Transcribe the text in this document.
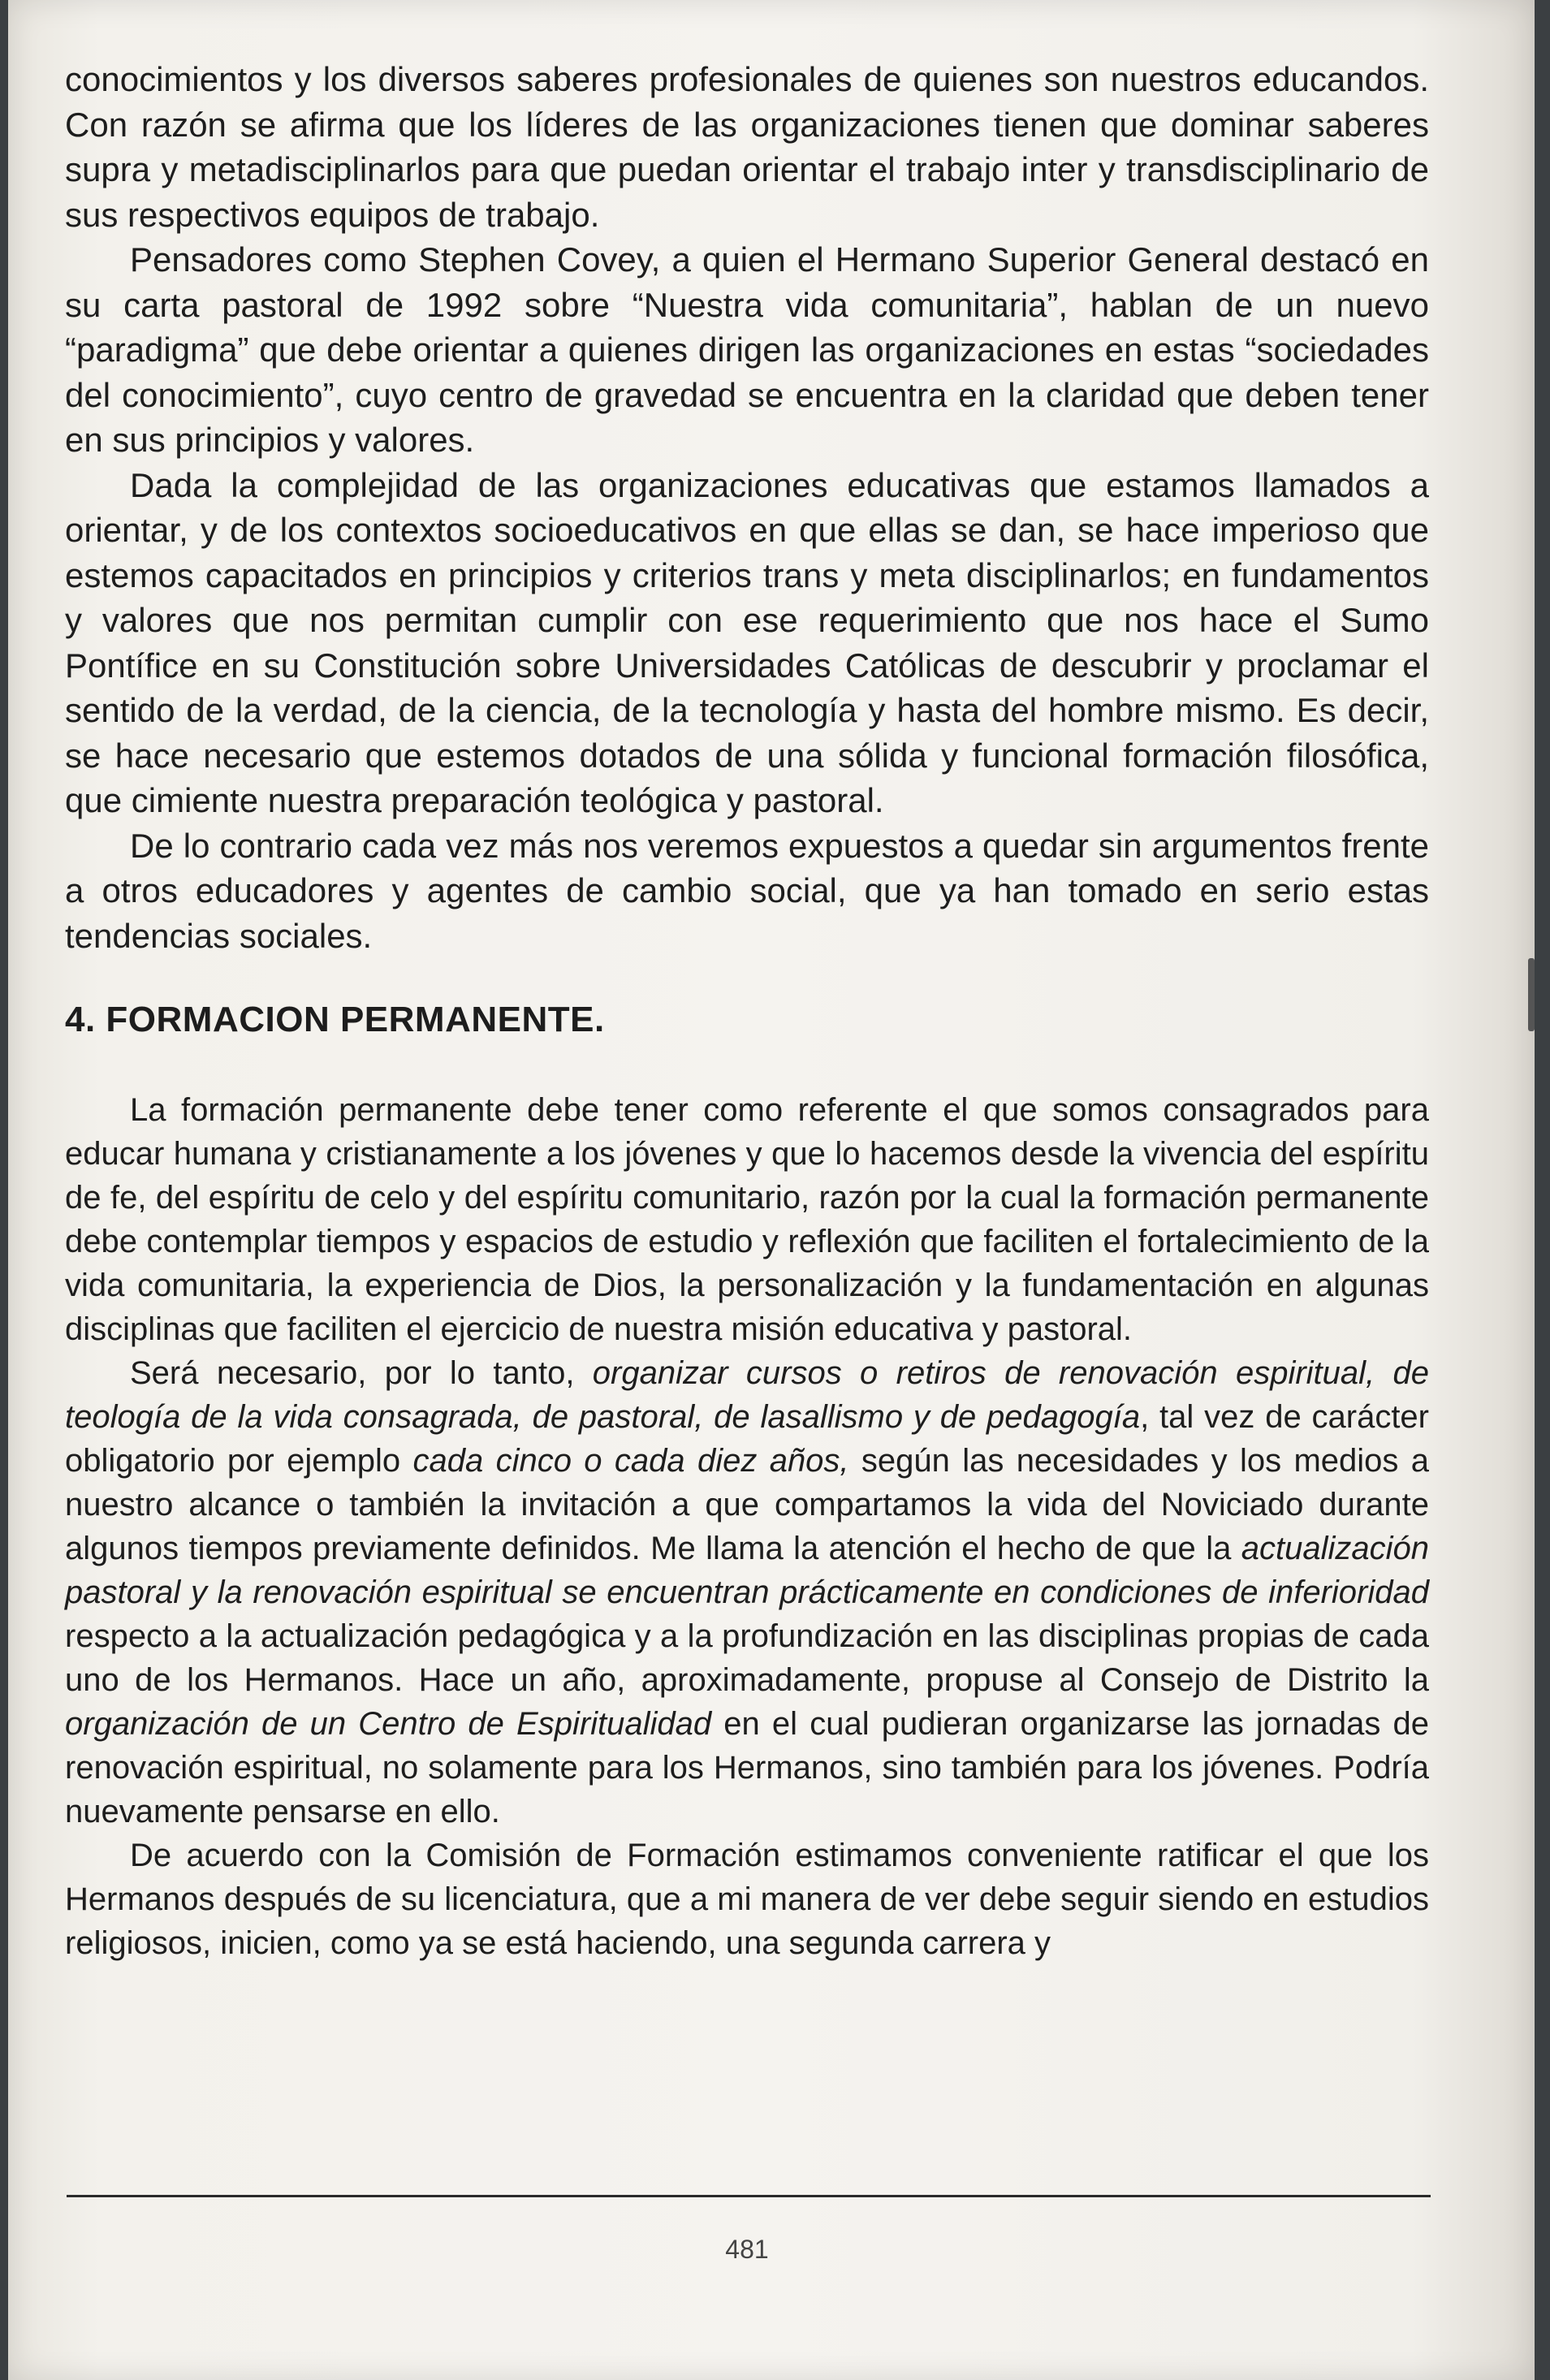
conocimientos y los diversos saberes profesionales de quienes son nuestros educandos. Con razón se afirma que los líderes de las organizaciones tienen que dominar saberes supra y metadisciplinarlos para que puedan orientar el trabajo inter y transdisciplinario de sus respectivos equipos de trabajo.

Pensadores como Stephen Covey, a quien el Hermano Superior General destacó en su carta pastoral de 1992 sobre “Nuestra vida comunitaria”, hablan de un nuevo “paradigma” que debe orientar a quienes dirigen las organizaciones en estas “sociedades del conocimiento”, cuyo centro de gravedad se encuentra en la claridad que deben tener en sus principios y valores.

Dada la complejidad de las organizaciones educativas que estamos llamados a orientar, y de los contextos socioeducativos en que ellas se dan, se hace imperioso que estemos capacitados en principios y criterios trans y meta disciplinarlos; en fundamentos y valores que nos permitan cumplir con ese requerimiento que nos hace el Sumo Pontífice en su Constitución sobre Universidades Católicas de descubrir y proclamar el sentido de la verdad, de la ciencia, de la tecnología y hasta del hombre mismo. Es decir, se hace necesario que estemos dotados de una sólida y funcional formación filosófica, que cimiente nuestra preparación teológica y pastoral.

De lo contrario cada vez más nos veremos expuestos a quedar sin argumentos frente a otros educadores y agentes de cambio social, que ya han tomado en serio estas tendencias sociales.

4. FORMACION PERMANENTE.

La formación permanente debe tener como referente el que somos consagrados para educar humana y cristianamente a los jóvenes y que lo hacemos desde la vivencia del espíritu de fe, del espíritu de celo y del espíritu comunitario, razón por la cual la formación permanente debe contemplar tiempos y espacios de estudio y reflexión que faciliten el fortalecimiento de la vida comunitaria, la experiencia de Dios, la personalización y la fundamentación en algunas disciplinas que faciliten el ejercicio de nuestra misión educativa y pastoral.

Será necesario, por lo tanto, organizar cursos o retiros de renovación espiritual, de teología de la vida consagrada, de pastoral, de lasallismo y de pedagogía, tal vez de carácter obligatorio por ejemplo cada cinco o cada diez años, según las necesidades y los medios a nuestro alcance o también la invitación a que compartamos la vida del Noviciado durante algunos tiempos previamente definidos. Me llama la atención el hecho de que la actualización pastoral y la renovación espiritual se encuentran prácticamente en condiciones de inferioridad respecto a la actualización pedagógica y a la profundización en las disciplinas propias de cada uno de los Hermanos. Hace un año, aproximadamente, propuse al Consejo de Distrito la organización de un Centro de Espiritualidad en el cual pudieran organizarse las jornadas de renovación espiritual, no solamente para los Hermanos, sino también para los jóvenes. Podría nuevamente pensarse en ello.

De acuerdo con la Comisión de Formación estimamos conveniente ratificar el que los Hermanos después de su licenciatura, que a mi manera de ver debe seguir siendo en estudios religiosos, inicien, como ya se está haciendo, una segunda carrera y

481
